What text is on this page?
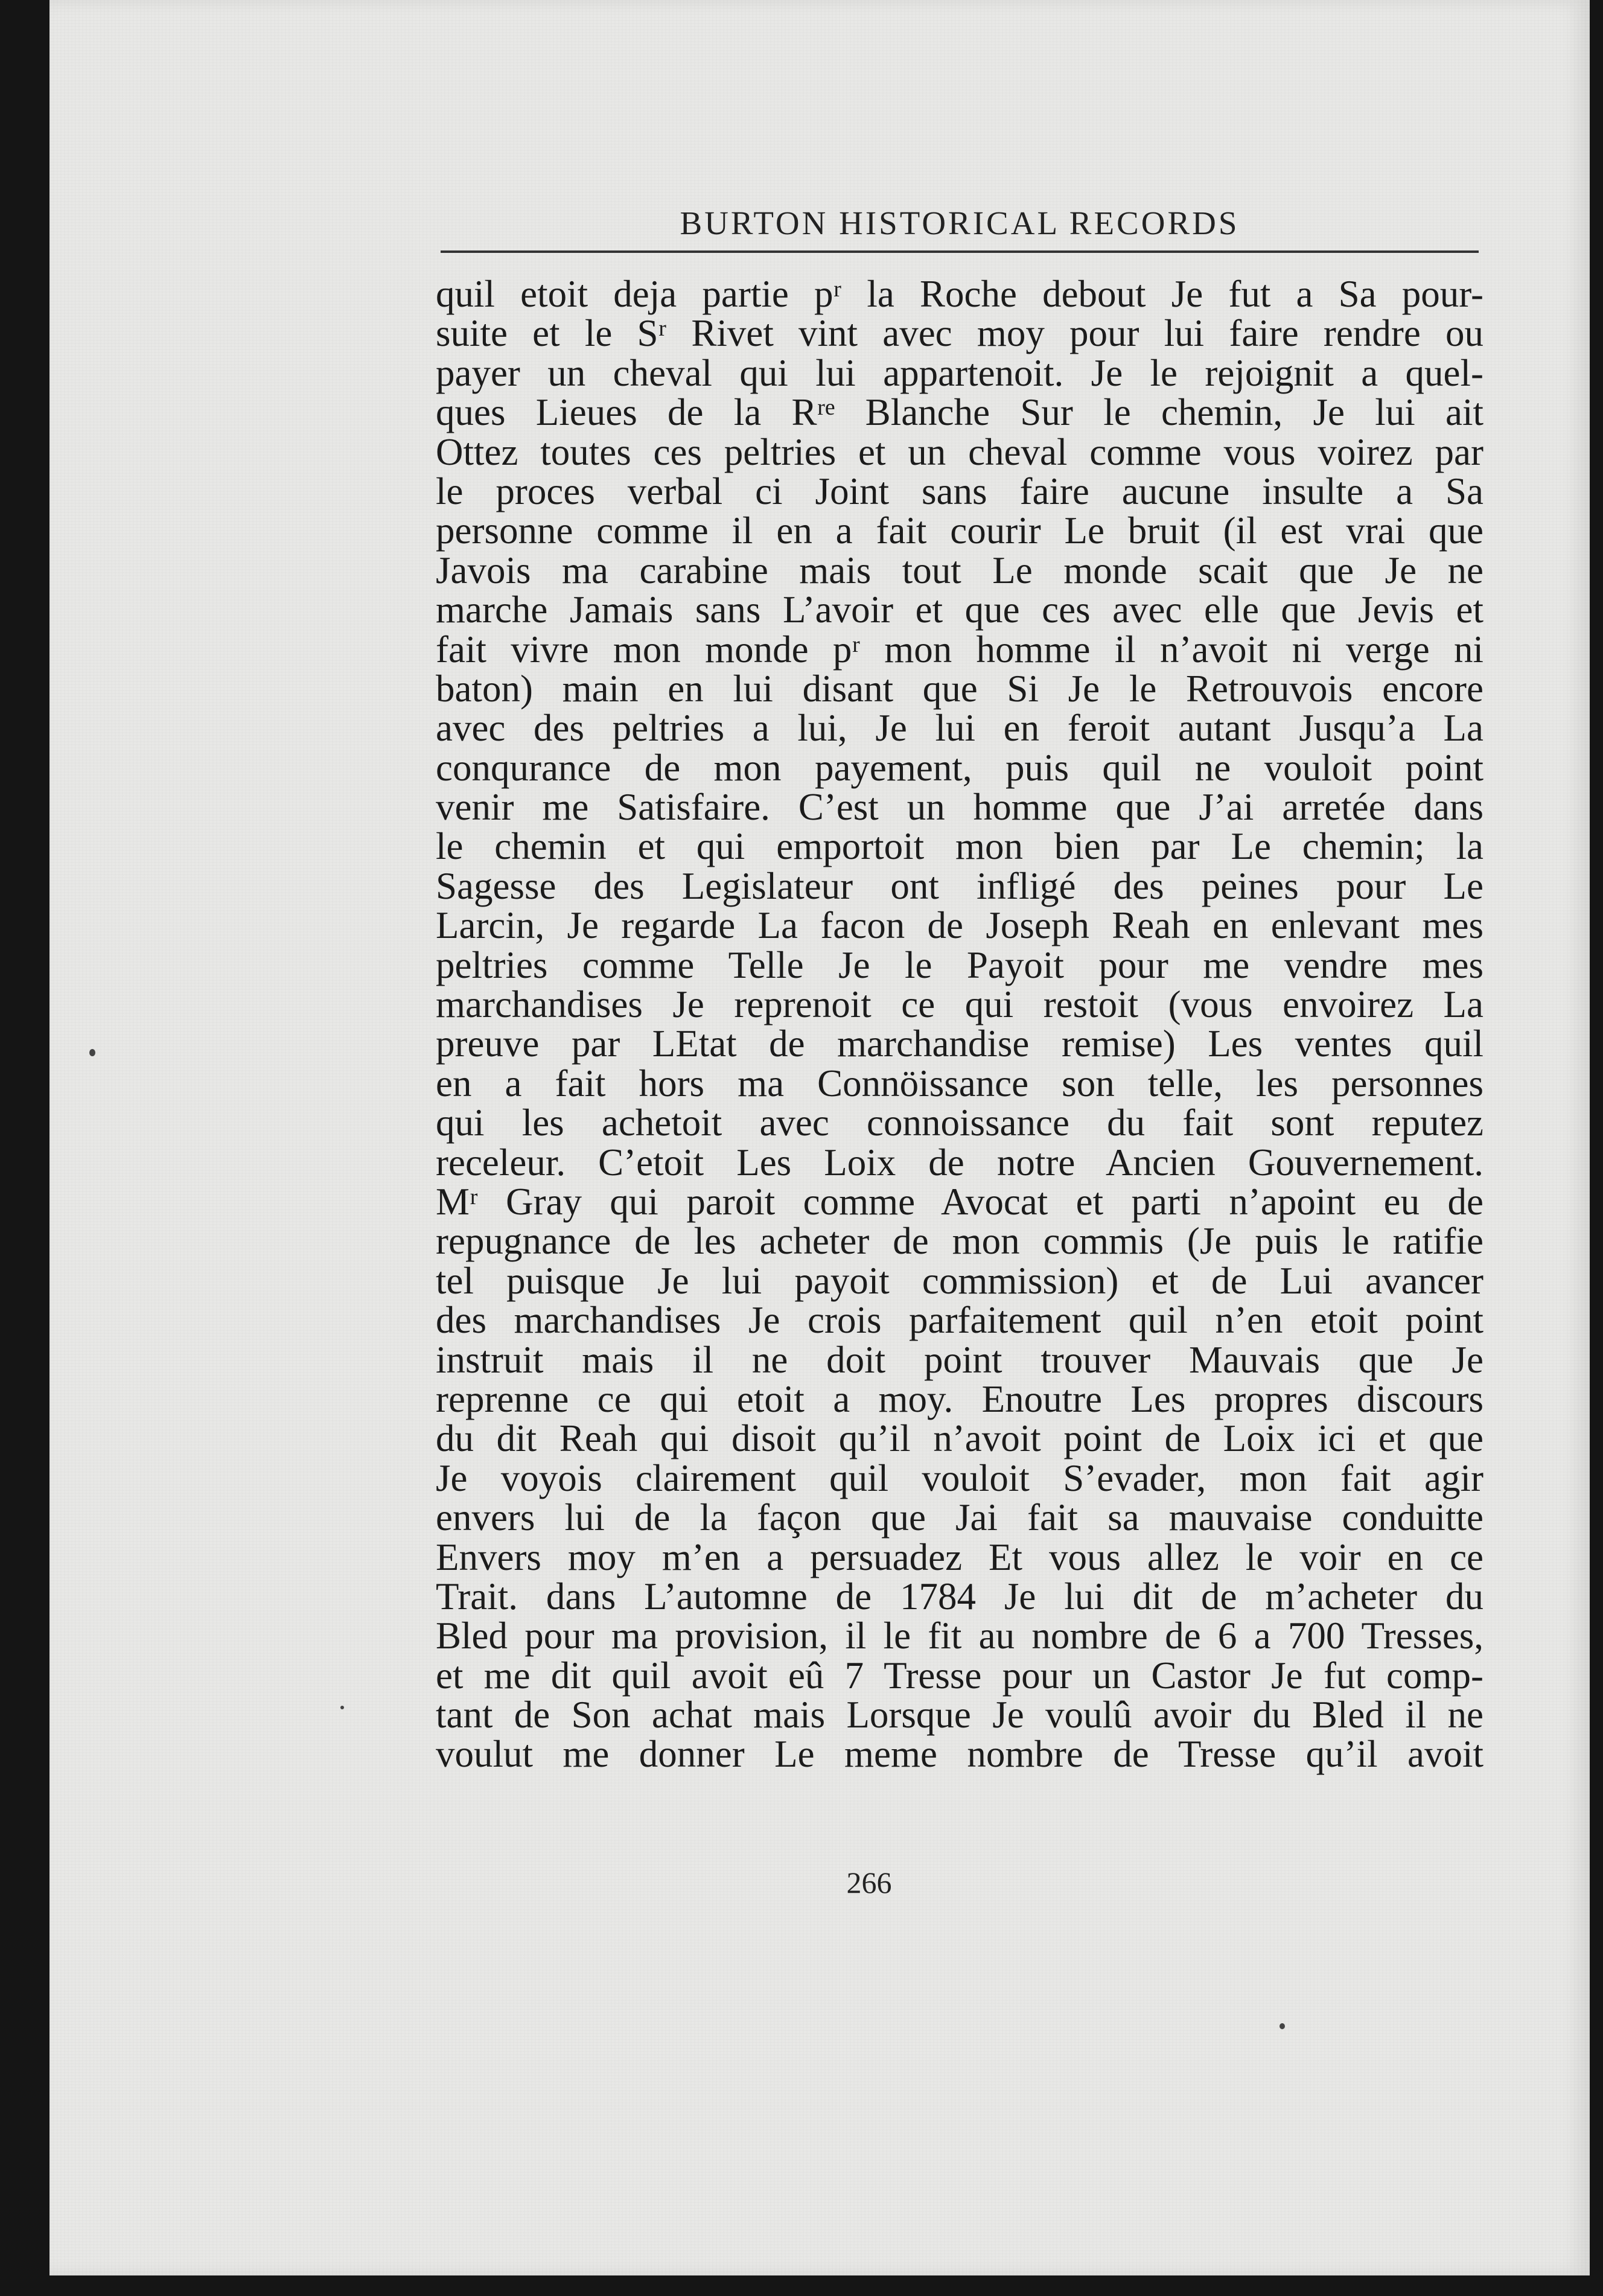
BURTON HISTORICAL RECORDS
quil etoit deja partie pʳ la Roche debout Je fut a Sa pour-
suite et le Sʳ Rivet vint avec moy pour lui faire rendre ou
payer un cheval qui lui appartenoit. Je le rejoignit a quel-
ques Lieues de la Rʳᵉ Blanche Sur le chemin, Je lui ait
Ottez toutes ces peltries et un cheval comme vous voirez par
le proces verbal ci Joint sans faire aucune insulte a Sa
personne comme il en a fait courir Le bruit (il est vrai que
Javois ma carabine mais tout Le monde scait que Je ne
marche Jamais sans L’avoir et que ces avec elle que Jevis et
fait vivre mon monde pʳ mon homme il n’avoit ni verge ni
baton) main en lui disant que Si Je le Retrouvois encore
avec des peltries a lui, Je lui en feroit autant Jusqu’a La
conqurance de mon payement, puis quil ne vouloit point
venir me Satisfaire. C’est un homme que J’ai arretée dans
le chemin et qui emportoit mon bien par Le chemin; la
Sagesse des Legislateur ont infligé des peines pour Le
Larcin, Je regarde La facon de Joseph Reah en enlevant mes
peltries comme Telle Je le Payoit pour me vendre mes
marchandises Je reprenoit ce qui restoit (vous envoirez La
preuve par LEtat de marchandise remise) Les ventes quil
en a fait hors ma Connöissance son telle, les personnes
qui les achetoit avec connoissance du fait sont reputez
receleur. C’etoit Les Loix de notre Ancien Gouvernement.
Mʳ Gray qui paroit comme Avocat et parti n’apoint eu de
repugnance de les acheter de mon commis (Je puis le ratifie
tel puisque Je lui payoit commission) et de Lui avancer
des marchandises Je crois parfaitement quil n’en etoit point
instruit mais il ne doit point trouver Mauvais que Je
reprenne ce qui etoit a moy. Enoutre Les propres discours
du dit Reah qui disoit qu’il n’avoit point de Loix ici et que
Je voyois clairement quil vouloit S’evader, mon fait agir
envers lui de la façon que Jai fait sa mauvaise conduitte
Envers moy m’en a persuadez Et vous allez le voir en ce
Trait. dans L’automne de 1784 Je lui dit de m’acheter du
Bled pour ma provision, il le fit au nombre de 6 a 700 Tresses,
et me dit quil avoit eû 7 Tresse pour un Castor Je fut comp-
tant de Son achat mais Lorsque Je voulû avoir du Bled il ne
voulut me donner Le meme nombre de Tresse qu’il avoit
266
